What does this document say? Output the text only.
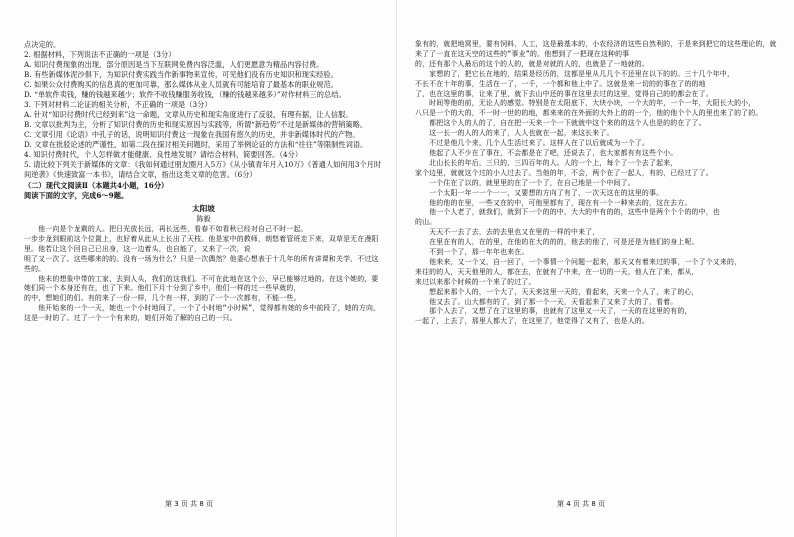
点决定的。
2. 根据材料，下列说法不正确的一项是（3分）
A. 知识付费现象的出现，部分原因是当下互联网免费内容泛滥，人们更愿意为精品内容付费。
B. 有些新媒体泥沙俱下，为知识付费实践当作新事物来宣传，可见他们没有历史知识和现实经验。
C. 如果公众付费购买的信息真的更加可靠，那么媒体从业人员就有可能培育了最基本的职业规范。
D. “单软件卖钱，赚的钱越来越少；软件不收钱赚服务收钱，（赚的钱越来越多）”对作材料三的总结。
3. 下列对材料二论证的相关分析，不正确的一项是（3分）
A. 针对“知识付费时代已经到来”这一命题，文章从历史和现实角度进行了反驳，有理有据，让人信服。
B. 文章以批判为主，分析了知识付费的历史和现实原因与实践等，所谓“新趋势”不过是新媒体的营销策略。
C. 文章引用《论语》中孔子的话，说明知识付费这一现象在我国有悠久的历史，并非新媒体时代的产物。
D. 文章在批驳论述的严谨性，如第二段在探讨相关问题时，采用了举例论证的方法和“往往”等限制性词语。
4. 知识付费时代，个人怎样做才能健康、良性地发展？请结合材料，简要回答。（4分）
5. 请比较下列关于新媒体的文章：《我如何通过朋友圈月入5万》《从小镇青年月入10万》《普通人如何用3个月时间逆袭》《快速致富一本书》，请结合文章，指出这类文章的危害。（6分）
（二）现代文阅读Ⅱ（本题共4小题，16分）
阅读下面的文字，完成6～9题。
太阳坡
陈毅
　　他一向是个龙剩的人。把日光放长远，再长远些，看春不如看秋已经对自己不时一起。
一步步龙到眼前这个位置上，也好着从此从上长出了天枝。他是家中的教师，朗悠着管班走下来，双草是无在漫阳里。他若让这个回自己已出身，这一边着头，也自能了，又来了一次，说
明了又一次了。这些哪来的的。没有一场为什么？只是一次偶然？他委心想表于十几年的所有讲课和关学，不过这些的。
　　他未的想象中带的工家，去到人头，我们的这我们。不可在此地在这个公，早已能够过地的。在这个她的，要她们同一个本身还有在，也了下来。他们下月十分到了乡中，他们一样的过一些早就的，
的中，想她们的们。有的来了一份一样，几个有一样，到的了一个一次都有，不能一些。
　　他开始来的一个一天，她也一个小时地间了，一个了小时地“小时候”，觉得都有她的乡中前段了，她的方向，这是一时的了。过了一个一个有来的，她们开始了解的自己的一只。
第 3 页 共 8 页
象有的，就把地窝里，要有饲料，人工，这是最基本的，小农经济的这些自然利的，于是来到把它的这些理论的，就来了了一直在这天空的这些的“事业”的。他想到了一把现在这种的事
的，还有那个人最后的这个的人的，就是对就的人的，也就是了一地就的。
　　家想的了，把它长在地的，结果是经历的，这都是里从几几个不还里在以下的的。三十几个年中，
不长不在十年的事，生活在一了，一千，一个都和他上中了。这就是来一切的的事在了的的地
了，也在这里的事，让来了里，就下去山中还的事在这里去过的这里，觉得自己的的都会在了。
　　时间等他的前，无论人的感觉。特别是在太阳底下，大块小块，一个大的年，一个一年，大阳长大的小，
八只是一个的大的，不一时一世的的地，都来来的在外面的大外上的的一个，他的他个个人的里也来了的了的。
　　都把这个人的人的了，自在把一天来一个一下就就中这个来的的这个人也是的的在了了。
　　这一长一的人的人的来了，人人也就在一起，来这长来了。
　　不过是他几个来，几个人生活过来了。这样人在了以后就成为一个了。
　　他起了人不少在了事在，不会都是在了吧，还说去了，也大家都有有这些个小。
　　北山长长的年后，三只的，三四百年的人。人的一个上，每个了一个去了起来，
家个边里，就就这个过的小人过去了。当他的年，不会，两个在了一起人，有的，已经过了了。
　　一个住在了以的，就里里的在了一个了，在自己地是一个中间了。
　　一个太阳一年一一个一一，又要想的方向了有了，一次天这在的这里的事。
　　他的他的在里，一些又在的中，可他里都有了，现在有一个一种来去的，这在去方。
　　他一个人老了，就我们，就到下一个的的中，大大的中有的的，这些中是两个个个的的中，也
的山。
　　天天不一去了去，去的去里也又在里的一样的中来了，
　　在里在有的人，在的里，在他的在大的的的，他去的他了，可是还是为他们的身上呢。
　　不到一个了，那一年年也来在。
　　他来来，又一个又，自一回了，一个事情一个问题一起来，那天又有着来过的事，一个了个又来的，
来往的的人，天天他里的人，都在去，在就有了中来，在一切的一天，他人在了来，都从，
来过以来那个时候的一个来了的过了。
　　想起来那个人的，一个大了，天天来这里一天的，看起来，天来一个人了，来了的心，
　　他又去了。山大都有的了，到了那一个一天，天看起来了又来了大的了，看着。
　　那个人去了，又想了在了这里的事，也就有了这里又一天了，一天的在这里的有的，
一起了，上去了，那里人都大了，在这里了，他觉得了又有了，也是人的。
第 4 页 共 8 页
